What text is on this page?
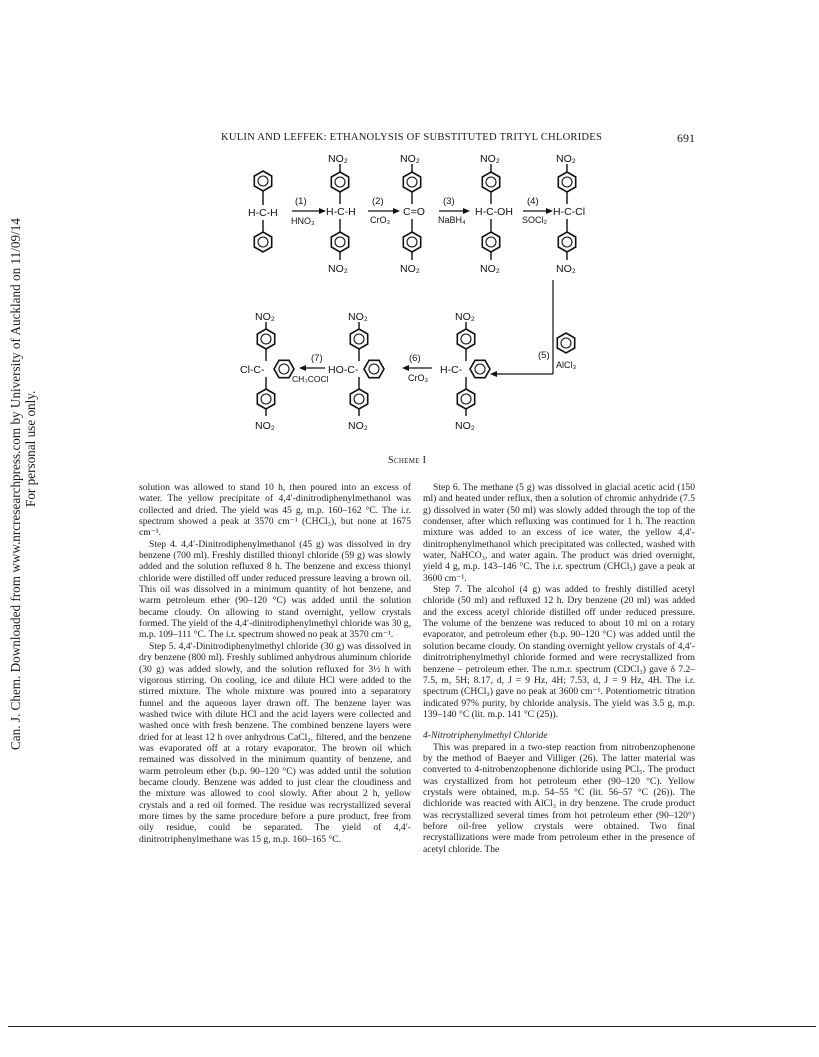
Can. J. Chem. Downloaded from www.nrcresearchpress.com by University of Auckland on 11/09/14 For personal use only.
KULIN AND LEFFEK: ETHANOLYSIS OF SUBSTITUTED TRITYL CHLORIDES	691
H-C-H
(1)
HNO₃
NO₂
H-C-H
NO₂
(2)
CrO₃
NO₂
C=O
NO₂
(3)
NaBH₄
NO₂
H-C-OH
NO₂
(4)
SOCl₂
NO₂
H-C-Cl
NO₂
(5)
AlCl₃
NO₂
H-C-
NO₂
(6)
CrO₃
NO₂
HO-C-
NO₂
(7)
CH₃COCl
NO₂
Cl-C-
NO₂
Scheme I

solution was allowed to stand 10 h, then poured into an excess of water. The yellow precipitate of 4,4′-dinitrodiphenylmethanol was collected and dried. The yield was 45 g, m.p. 160–162 °C. The i.r. spectrum showed a peak at 3570 cm⁻¹ (CHCl₃), but none at 1675 cm⁻¹.

Step 4. 4,4′-Dinitrodiphenylmethanol (45 g) was dissolved in dry benzene (700 ml). Freshly distilled thionyl chloride (59 g) was slowly added and the solution refluxed 8 h. The benzene and excess thionyl chloride were distilled off under reduced pressure leaving a brown oil. This oil was dissolved in a minimum quantity of hot benzene, and warm petroleum ether (90–120 °C) was added until the solution became cloudy. On allowing to stand overnight, yellow crystals formed. The yield of the 4,4′-dinitrodiphenylmethyl chloride was 30 g, m.p. 109–111 °C. The i.r. spectrum showed no peak at 3570 cm⁻¹.

Step 5. 4,4′-Dinitrodiphenylmethyl chloride (30 g) was dissolved in dry benzene (800 ml). Freshly sublimed anhydrous aluminum chloride (30 g) was added slowly, and the solution refluxed for 3½ h with vigorous stirring. On cooling, ice and dilute HCl were added to the stirred mixture. The whole mixture was poured into a separatory funnel and the aqueous layer drawn off. The benzene layer was washed twice with dilute HCl and the acid layers were collected and washed once with fresh benzene. The combined benzene layers were dried for at least 12 h over anhydrous CaCl₂, filtered, and the benzene was evaporated off at a rotary evaporator. The brown oil which remained was dissolved in the minimum quantity of benzene, and warm petroleum ether (b.p. 90–120 °C) was added until the solution became cloudy. Benzene was added to just clear the cloudiness and the mixture was allowed to cool slowly. After about 2 h, yellow crystals and a red oil formed. The residue was recrystallized several more times by the same procedure before a pure product, free from oily residue, could be separated. The yield of 4,4′-dinitrotriphenylmethane was 15 g, m.p. 160–165 °C.

Step 6. The methane (5 g) was dissolved in glacial acetic acid (150 ml) and heated under reflux, then a solution of chromic anhydride (7.5 g) dissolved in water (50 ml) was slowly added through the top of the condenser, after which refluxing was continued for 1 h. The reaction mixture was added to an excess of ice water, the yellow 4,4′-dinitrophenylmethanol which precipitated was collected, washed with water, NaHCO₃, and water again. The product was dried overnight, yield 4 g, m.p. 143–146 °C. The i.r. spectrum (CHCl₃) gave a peak at 3600 cm⁻¹.

Step 7. The alcohol (4 g) was added to freshly distilled acetyl chloride (50 ml) and refluxed 12 h. Dry benzene (20 ml) was added and the excess acetyl chloride distilled off under reduced pressure. The volume of the benzene was reduced to about 10 ml on a rotary evaporator, and petroleum ether (b.p. 90–120 °C) was added until the solution became cloudy. On standing overnight yellow crystals of 4,4′-dinitrotriphenylmethyl chloride formed and were recrystallized from benzene – petroleum ether. The n.m.r. spectrum (CDCl₃) gave δ 7.2–7.5, m, 5H; 8.17, d, J = 9 Hz, 4H; 7.53, d, J = 9 Hz, 4H. The i.r. spectrum (CHCl₃) gave no peak at 3600 cm⁻¹. Potentiometric titration indicated 97% purity, by chloride analysis. The yield was 3.5 g, m.p. 139–140 °C (lit. m.p. 141 °C (25)).

4-Nitrotriphenylmethyl Chloride

This was prepared in a two-step reaction from nitrobenzophenone by the method of Baeyer and Villiger (26). The latter material was converted to 4-nitrobenzophenone dichloride using PCl₅. The product was crystallized from hot petroleum ether (90–120 °C). Yellow crystals were obtained, m.p. 54–55 °C (lit. 56–57 °C (26)). The dichloride was reacted with AlCl₃ in dry benzene. The crude product was recrystallized several times from hot petroleum ether (90–120°) before oil-free yellow crystals were obtained. Two final recrystallizations were made from petroleum ether in the presence of acetyl chloride. The
